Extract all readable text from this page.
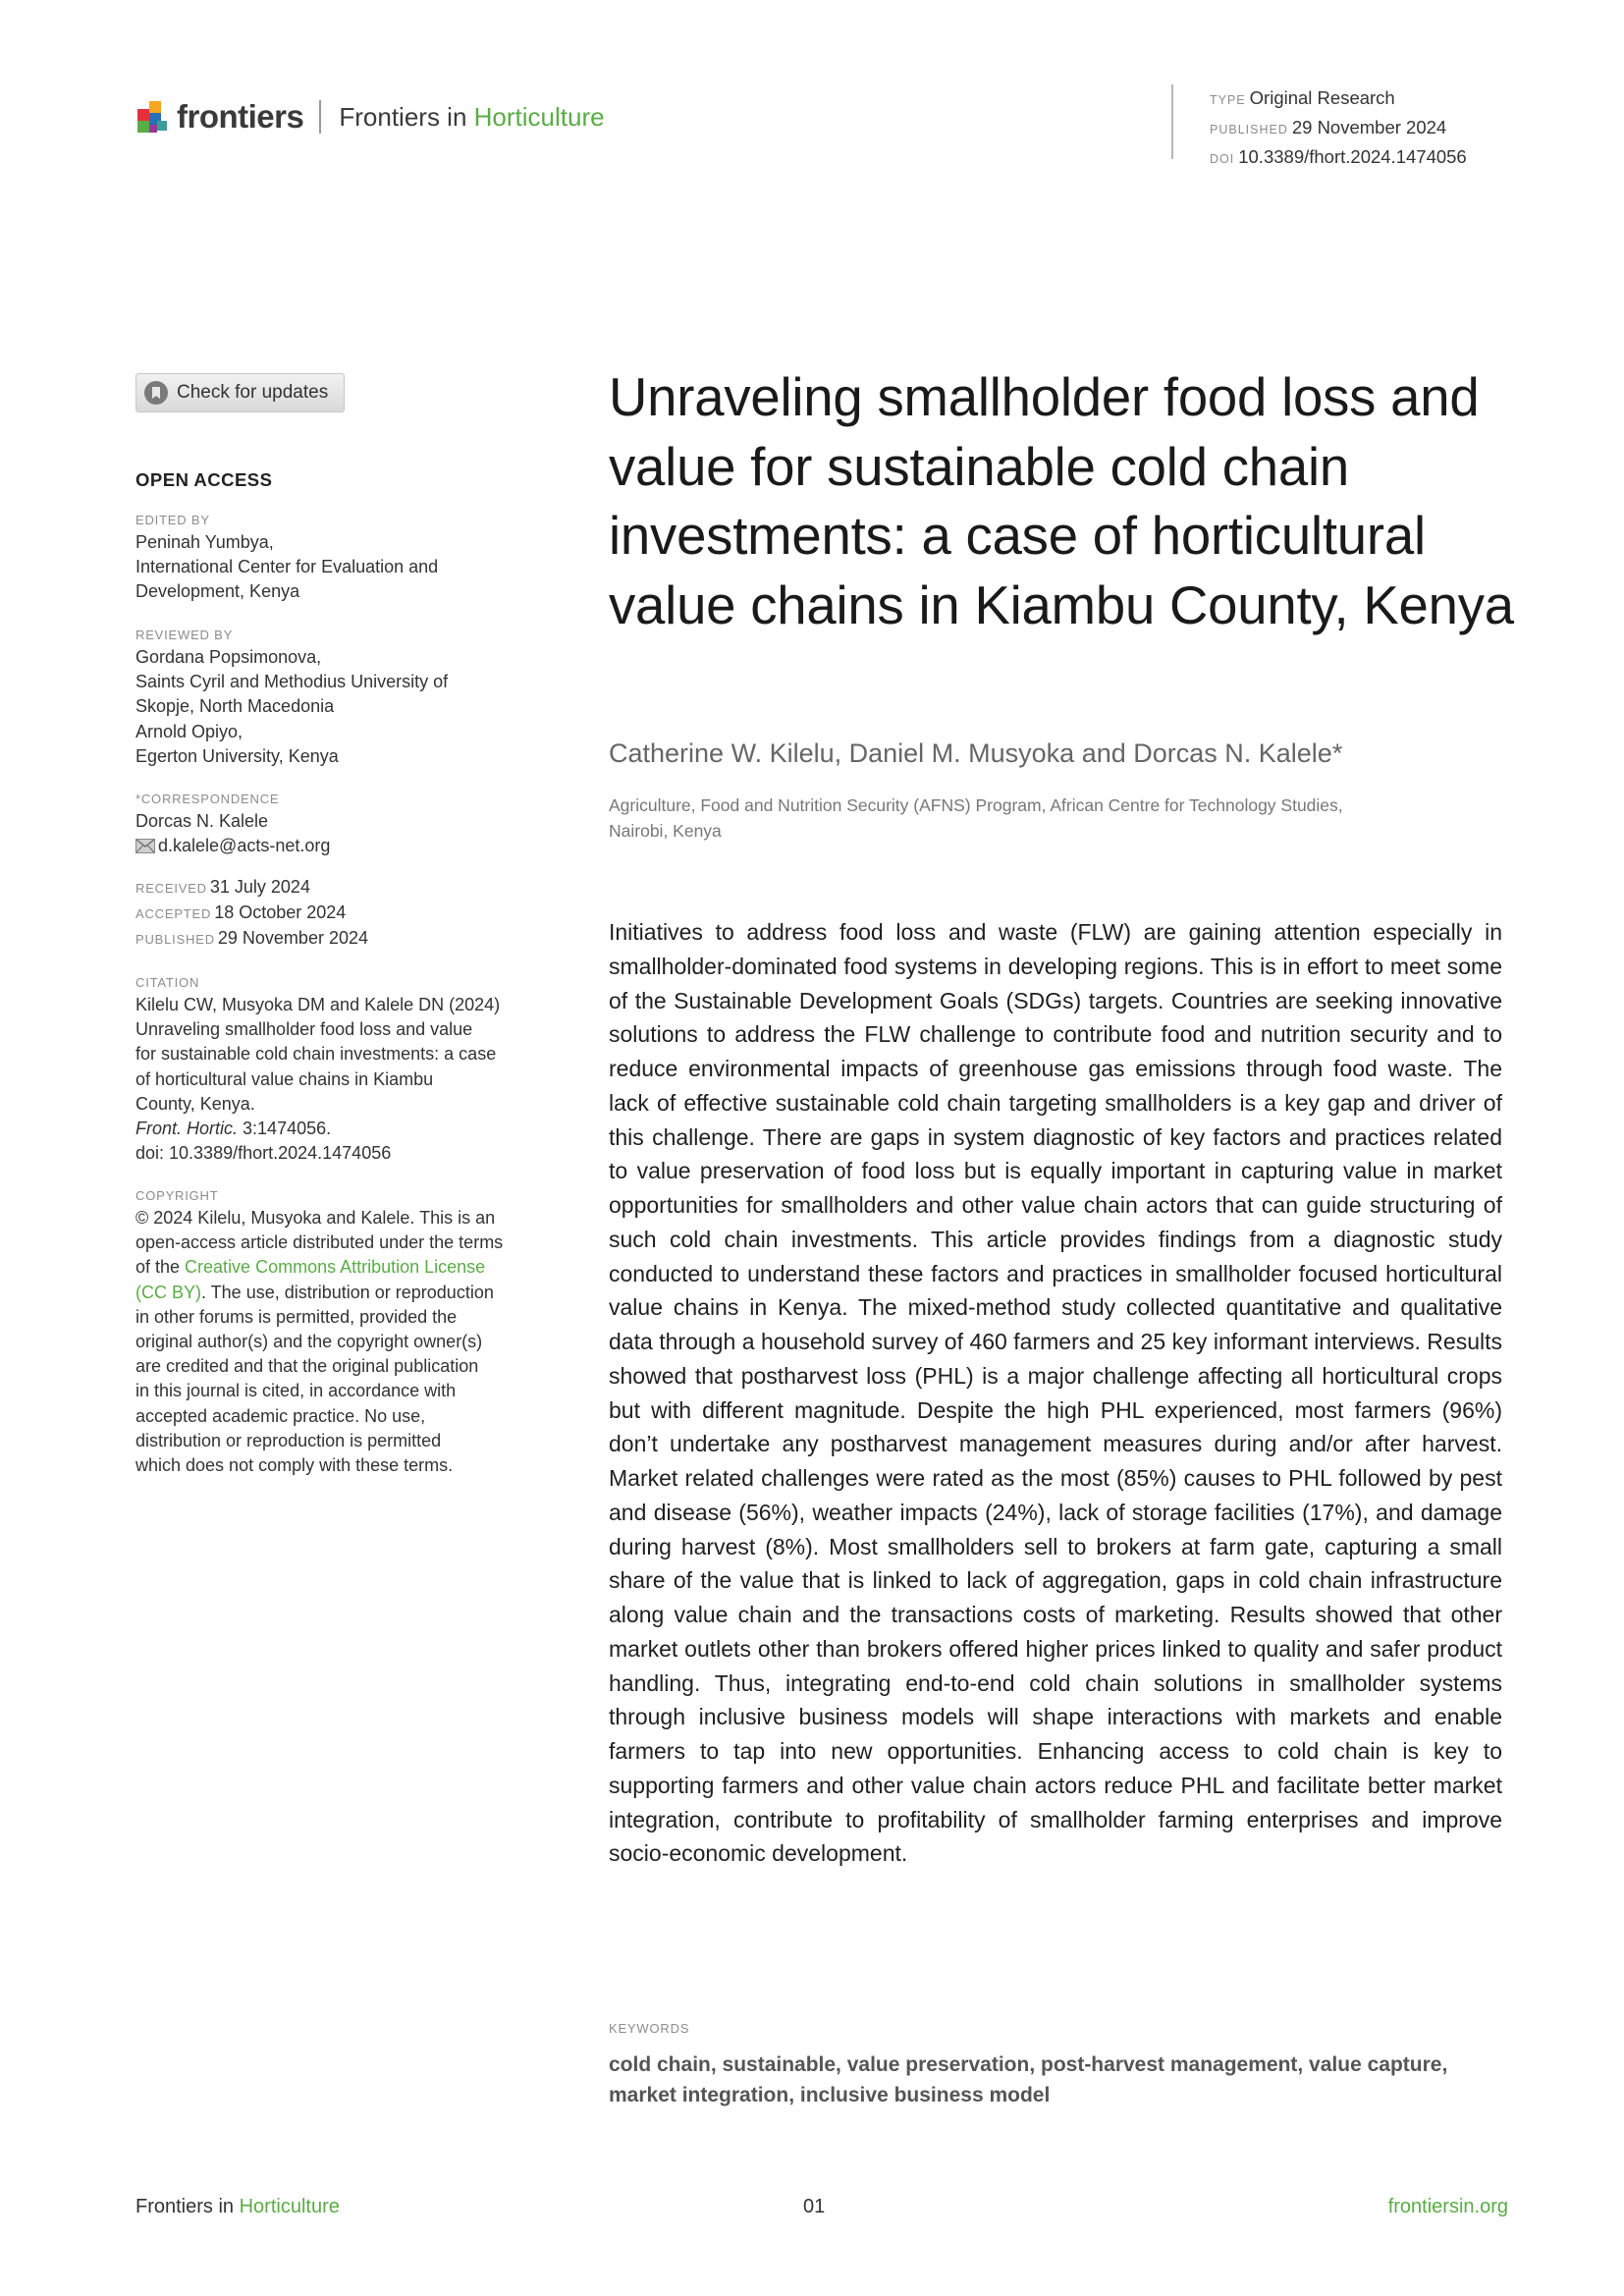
frontiers Frontiers in Horticulture
TYPE Original Research
PUBLISHED 29 November 2024
DOI 10.3389/fhort.2024.1474056
Check for updates
OPEN ACCESS
EDITED BY
Peninah Yumbya,
International Center for Evaluation and
Development, Kenya
REVIEWED BY
Gordana Popsimonova,
Saints Cyril and Methodius University of
Skopje, North Macedonia
Arnold Opiyo,
Egerton University, Kenya
*CORRESPONDENCE
Dorcas N. Kalele
d.kalele@acts-net.org
RECEIVED 31 July 2024
ACCEPTED 18 October 2024
PUBLISHED 29 November 2024
CITATION
Kilelu CW, Musyoka DM and Kalele DN (2024)
Unraveling smallholder food loss and value
for sustainable cold chain investments: a case
of horticultural value chains in Kiambu
County, Kenya.
Front. Hortic. 3:1474056.
doi: 10.3389/fhort.2024.1474056
COPYRIGHT
© 2024 Kilelu, Musyoka and Kalele. This is an
open-access article distributed under the terms
of the Creative Commons Attribution License
(CC BY). The use, distribution or reproduction
in other forums is permitted, provided the
original author(s) and the copyright owner(s)
are credited and that the original publication
in this journal is cited, in accordance with
accepted academic practice. No use,
distribution or reproduction is permitted
which does not comply with these terms.
Unraveling smallholder food loss and value for sustainable cold chain investments: a case of horticultural value chains in Kiambu County, Kenya
Catherine W. Kilelu, Daniel M. Musyoka and Dorcas N. Kalele*
Agriculture, Food and Nutrition Security (AFNS) Program, African Centre for Technology Studies,
Nairobi, Kenya

Initiatives to address food loss and waste (FLW) are gaining attention especially in smallholder-dominated food systems in developing regions. This is in effort to meet some of the Sustainable Development Goals (SDGs) targets. Countries are seeking innovative solutions to address the FLW challenge to contribute food and nutrition security and to reduce environmental impacts of greenhouse gas emissions through food waste. The lack of effective sustainable cold chain targeting smallholders is a key gap and driver of this challenge. There are gaps in system diagnostic of key factors and practices related to value preservation of food loss but is equally important in capturing value in market opportunities for smallholders and other value chain actors that can guide structuring of such cold chain investments. This article provides findings from a diagnostic study conducted to understand these factors and practices in smallholder focused horticultural value chains in Kenya. The mixed-method study collected quantitative and qualitative data through a household survey of 460 farmers and 25 key informant interviews. Results showed that postharvest loss (PHL) is a major challenge affecting all horticultural crops but with different magnitude. Despite the high PHL experienced, most farmers (96%) don’t undertake any postharvest management measures during and/or after harvest. Market related challenges were rated as the most (85%) causes to PHL followed by pest and disease (56%), weather impacts (24%), lack of storage facilities (17%), and damage during harvest (8%). Most smallholders sell to brokers at farm gate, capturing a small share of the value that is linked to lack of aggregation, gaps in cold chain infrastructure along value chain and the transactions costs of marketing. Results showed that other market outlets other than brokers offered higher prices linked to quality and safer product handling. Thus, integrating end-to-end cold chain solutions in smallholder systems through inclusive business models will shape interactions with markets and enable farmers to tap into new opportunities. Enhancing access to cold chain is key to supporting farmers and other value chain actors reduce PHL and facilitate better market integration, contribute to profitability of smallholder farming enterprises and improve socio-economic development.

KEYWORDS
cold chain, sustainable, value preservation, post-harvest management, value capture,
market integration, inclusive business model
Frontiers in Horticulture	01	frontiersin.org
